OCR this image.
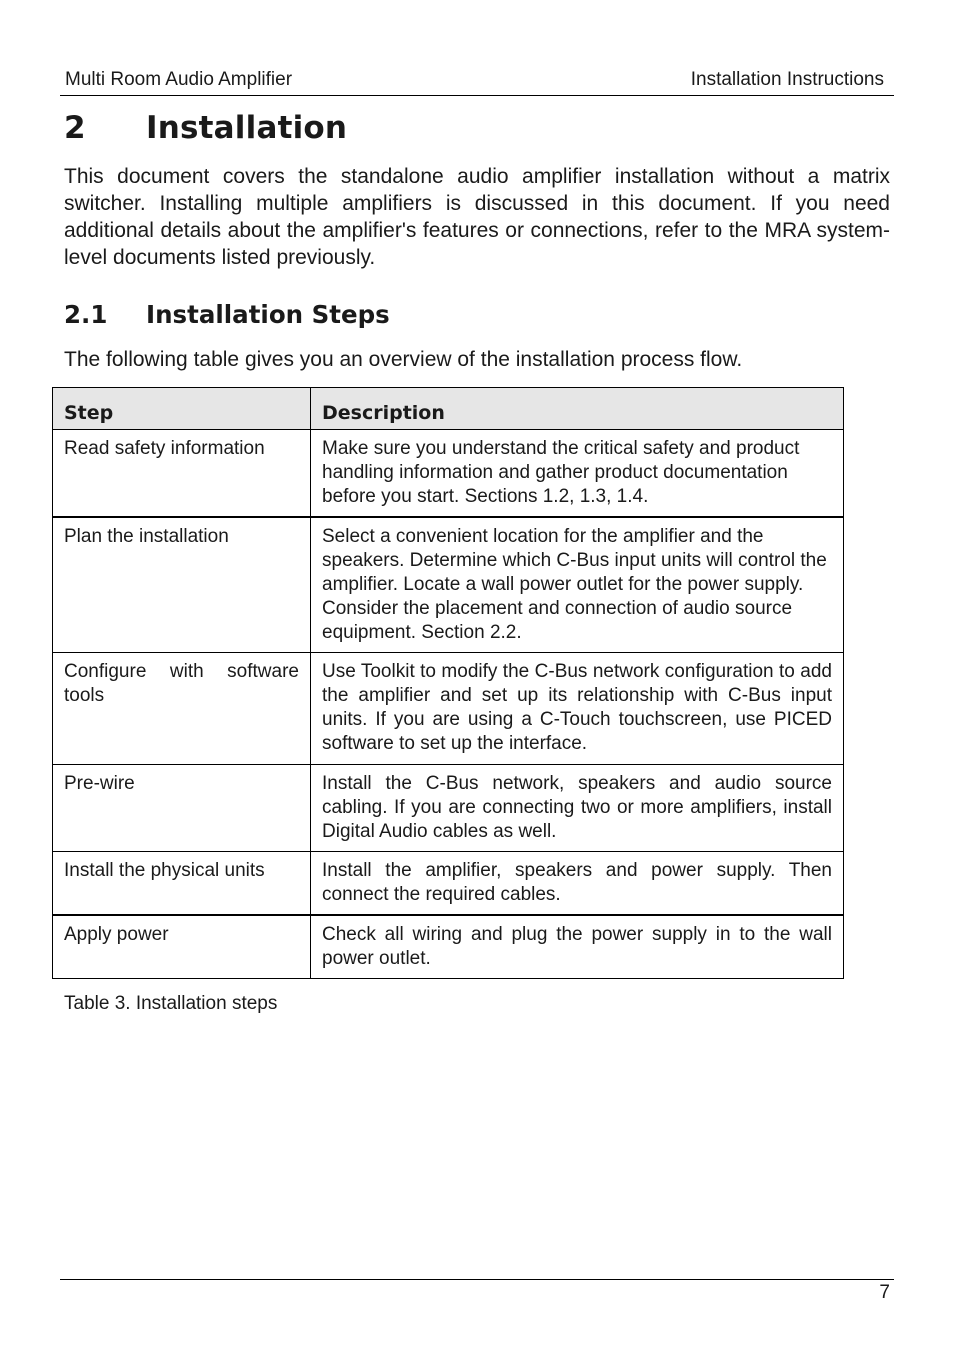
Multi Room Audio Amplifier	Installation Instructions
2 Installation

This document covers the standalone audio amplifier installation without a matrix switcher. Installing multiple amplifiers is discussed in this document. If you need additional details about the amplifier's features or connections, refer to the MRA system-level documents listed previously.

2.1 Installation Steps

The following table gives you an overview of the installation process flow.

Step	Description
Read safety information	Make sure you understand the critical safety and product handling information and gather product documentation before you start. Sections 1.2, 1.3, 1.4.
Plan the installation	Select a convenient location for the amplifier and the speakers. Determine which C-Bus input units will control the amplifier. Locate a wall power outlet for the power supply. Consider the placement and connection of audio source equipment. Section 2.2.
Configure with software tools	Use Toolkit to modify the C-Bus network configuration to add the amplifier and set up its relationship with C-Bus input units. If you are using a C-Touch touchscreen, use PICED software to set up the interface.
Pre-wire	Install the C-Bus network, speakers and audio source cabling. If you are connecting two or more amplifiers, install Digital Audio cables as well.
Install the physical units	Install the amplifier, speakers and power supply. Then connect the required cables.
Apply power	Check all wiring and plug the power supply in to the wall power outlet.
Table 3. Installation steps
7
